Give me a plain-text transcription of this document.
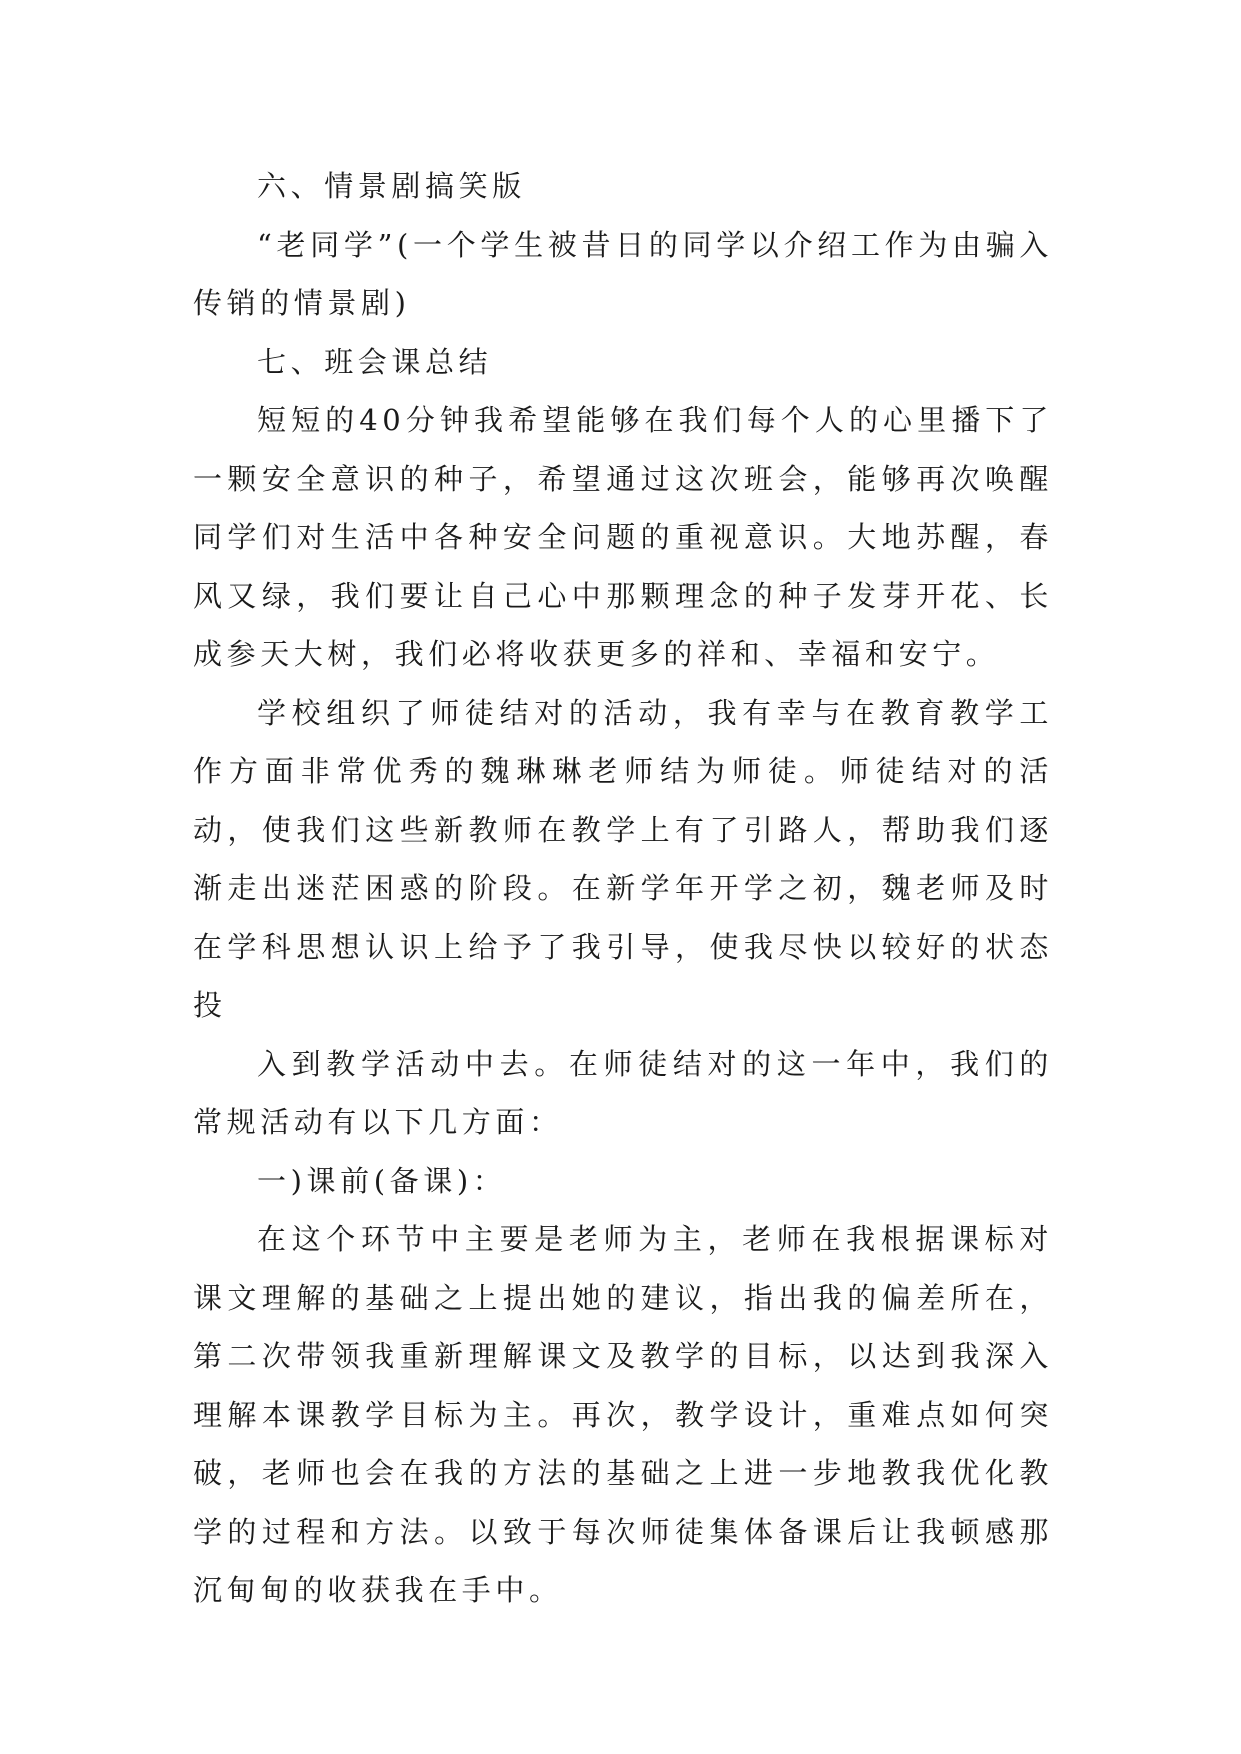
六、情景剧搞笑版

“老同学”(一个学生被昔日的同学以介绍工作为由骗入传销的情景剧)

七、班会课总结

短短的40分钟我希望能够在我们每个人的心里播下了一颗安全意识的种子，希望通过这次班会，能够再次唤醒同学们对生活中各种安全问题的重视意识。大地苏醒，春风又绿，我们要让自己心中那颗理念的种子发芽开花、长成参天大树，我们必将收获更多的祥和、幸福和安宁。

学校组织了师徒结对的活动，我有幸与在教育教学工作方面非常优秀的魏琳琳老师结为师徒。师徒结对的活动，使我们这些新教师在教学上有了引路人，帮助我们逐渐走出迷茫困惑的阶段。在新学年开学之初，魏老师及时在学科思想认识上给予了我引导，使我尽快以较好的状态投

入到教学活动中去。在师徒结对的这一年中，我们的常规活动有以下几方面：

一)课前(备课)：

在这个环节中主要是老师为主，老师在我根据课标对课文理解的基础之上提出她的建议，指出我的偏差所在，第二次带领我重新理解课文及教学的目标，以达到我深入理解本课教学目标为主。再次，教学设计，重难点如何突破，老师也会在我的方法的基础之上进一步地教我优化教学的过程和方法。以致于每次师徒集体备课后让我顿感那沉甸甸的收获我在手中。
